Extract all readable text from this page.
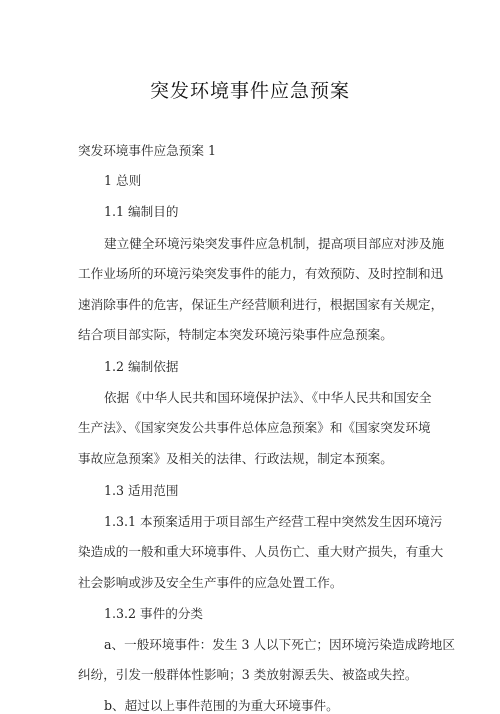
突发环境事件应急预案
突发环境事件应急预案 1
1 总则
1.1 编制目的
建立健全环境污染突发事件应急机制，提高项目部应对涉及施
工作业场所的环境污染突发事件的能力，有效预防、及时控制和迅
速消除事件的危害，保证生产经营顺利进行，根据国家有关规定，
结合项目部实际，特制定本突发环境污染事件应急预案。
1.2 编制依据
依据《中华人民共和国环境保护法》、《中华人民共和国安全
生产法》、《国家突发公共事件总体应急预案》和《国家突发环境
事故应急预案》及相关的法律、行政法规，制定本预案。
1.3 适用范围
1.3.1 本预案适用于项目部生产经营工程中突然发生因环境污
染造成的一般和重大环境事件、人员伤亡、重大财产损失，有重大
社会影响或涉及安全生产事件的应急处置工作。
1.3.2 事件的分类
a、一般环境事件：发生 3 人以下死亡；因环境污染造成跨地区
纠纷，引发一般群体性影响；3 类放射源丢失、被盗或失控。
b、超过以上事件范围的为重大环境事件。
